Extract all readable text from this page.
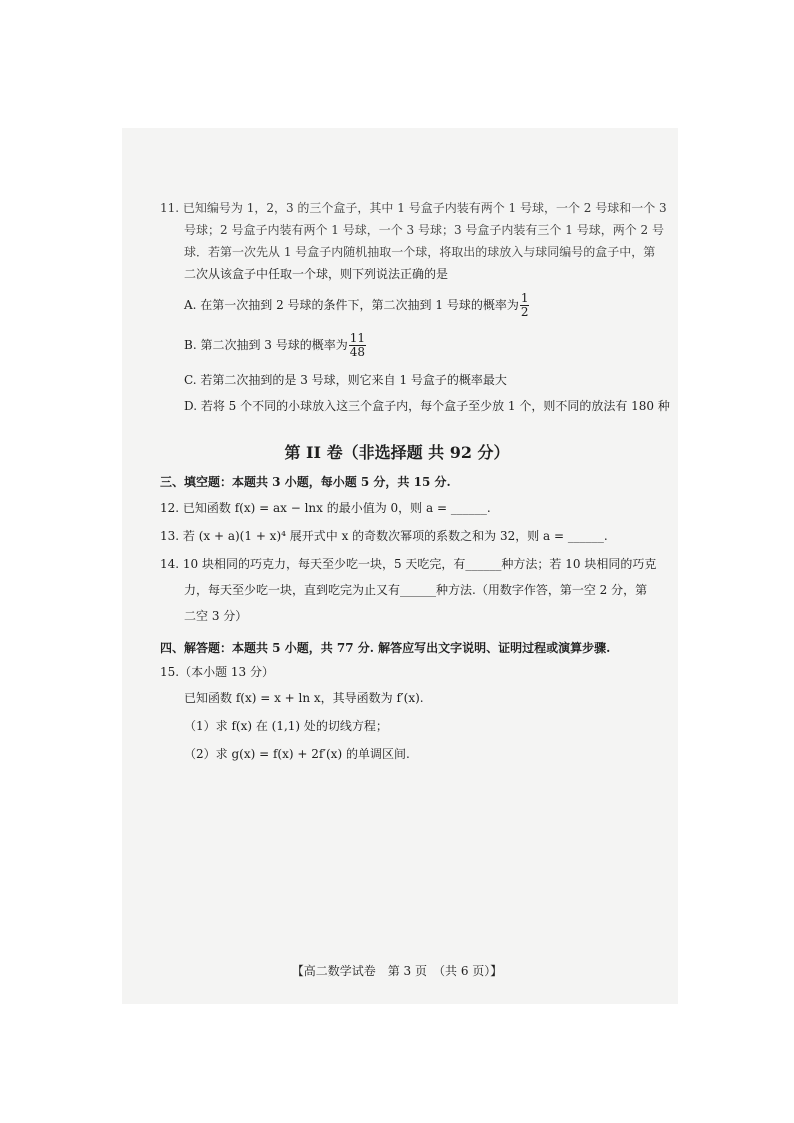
11. 已知编号为 1，2，3 的三个盒子，其中 1 号盒子内装有两个 1 号球，一个 2 号球和一个 3
号球；2 号盒子内装有两个 1 号球，一个 3 号球；3 号盒子内装有三个 1 号球，两个 2 号
球．若第一次先从 1 号盒子内随机抽取一个球，将取出的球放入与球同编号的盒子中，第
二次从该盒子中任取一个球，则下列说法正确的是
A. 在第一次抽到 2 号球的条件下，第二次抽到 1 号球的概率为 $\frac{1}{2}$
B. 第二次抽到 3 号球的概率为 $\frac{11}{48}$
C. 若第二次抽到的是 3 号球，则它来自 1 号盒子的概率最大
D. 若将 5 个不同的小球放入这三个盒子内，每个盒子至少放 1 个，则不同的放法有 180 种
第 II 卷（非选择题 共 92 分）
三、填空题：本题共 3 小题，每小题 5 分，共 15 分.
12. 已知函数 f(x) = ax − lnx 的最小值为 0，则 a = ______.
13. 若 (x + a)(1 + x)⁴ 展开式中 x 的奇数次幂项的系数之和为 32，则 a = ______.
14. 10 块相同的巧克力，每天至少吃一块，5 天吃完，有______种方法；若 10 块相同的巧克
力，每天至少吃一块，直到吃完为止又有______种方法.（用数字作答，第一空 2 分，第
二空 3 分）
四、解答题：本题共 5 小题，共 77 分. 解答应写出文字说明、证明过程或演算步骤.
15.（本小题 13 分）
已知函数 f(x) = x + ln x，其导函数为 f′(x).
（1）求 f(x) 在 (1,1) 处的切线方程；
（2）求 g(x) = f(x) + 2f′(x) 的单调区间.
【高二数学试卷　第 3 页　（共 6 页）】
